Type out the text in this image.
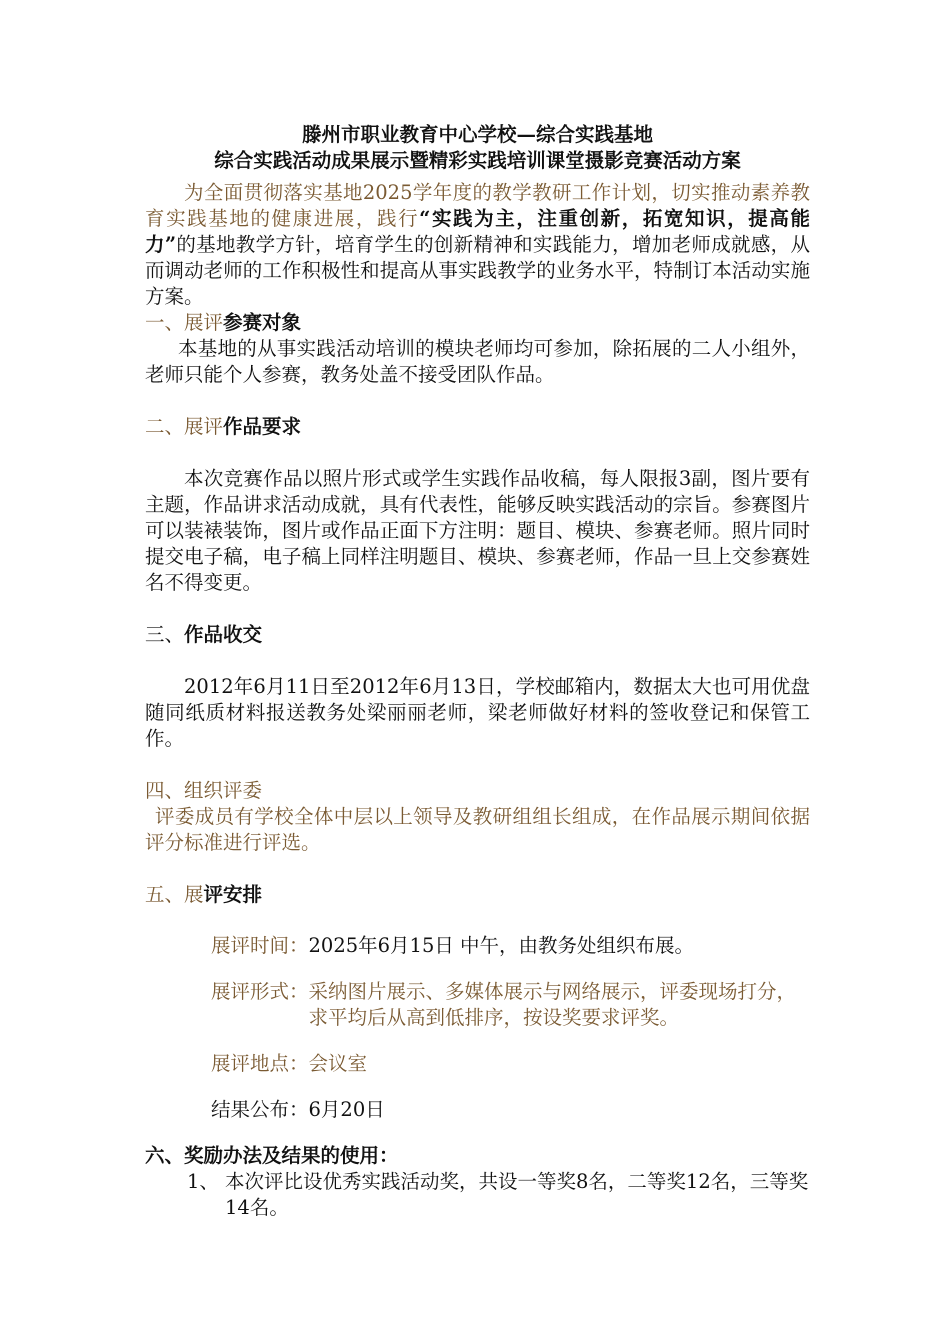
滕州市职业教育中心学校—综合实践基地
综合实践活动成果展示暨精彩实践培训课堂摄影竞赛活动方案

为全面贯彻落实基地2025学年度的教学教研工作计划，切实推动素养教育实践基地的健康进展，践行“实践为主，注重创新，拓宽知识，提高能力”的基地教学方针，培育学生的创新精神和实践能力，增加老师成就感，从而调动老师的工作积极性和提高从事实践教学的业务水平，特制订本活动实施方案。

一、展评参赛对象

本基地的从事实践活动培训的模块老师均可参加，除拓展的二人小组外，老师只能个人参赛，教务处盖不接受团队作品。

二、展评作品要求

本次竞赛作品以照片形式或学生实践作品收稿，每人限报3副，图片要有主题，作品讲求活动成就，具有代表性，能够反映实践活动的宗旨。参赛图片可以装裱装饰，图片或作品正面下方注明：题目、模块、参赛老师。照片同时提交电子稿，电子稿上同样注明题目、模块、参赛老师，作品一旦上交参赛姓名不得变更。

三、作品收交

2012年6月11日至2012年6月13日，学校邮箱内，数据太大也可用优盘随同纸质材料报送教务处梁丽丽老师，梁老师做好材料的签收登记和保管工作。

四、组织评委

评委成员有学校全体中层以上领导及教研组组长组成，在作品展示期间依据评分标准进行评选。

五、展评安排

展评时间： 2025年6月15日 中午，由教务处组织布展。
展评形式： 采纳图片展示、多媒体展示与网络展示，评委现场打分，求平均后从高到低排序，按设奖要求评奖。
展评地点： 会议室
结果公布： 6月20日

六、奖励办法及结果的使用：

1、 本次评比设优秀实践活动奖，共设一等奖8名，二等奖12名，三等奖14名。
